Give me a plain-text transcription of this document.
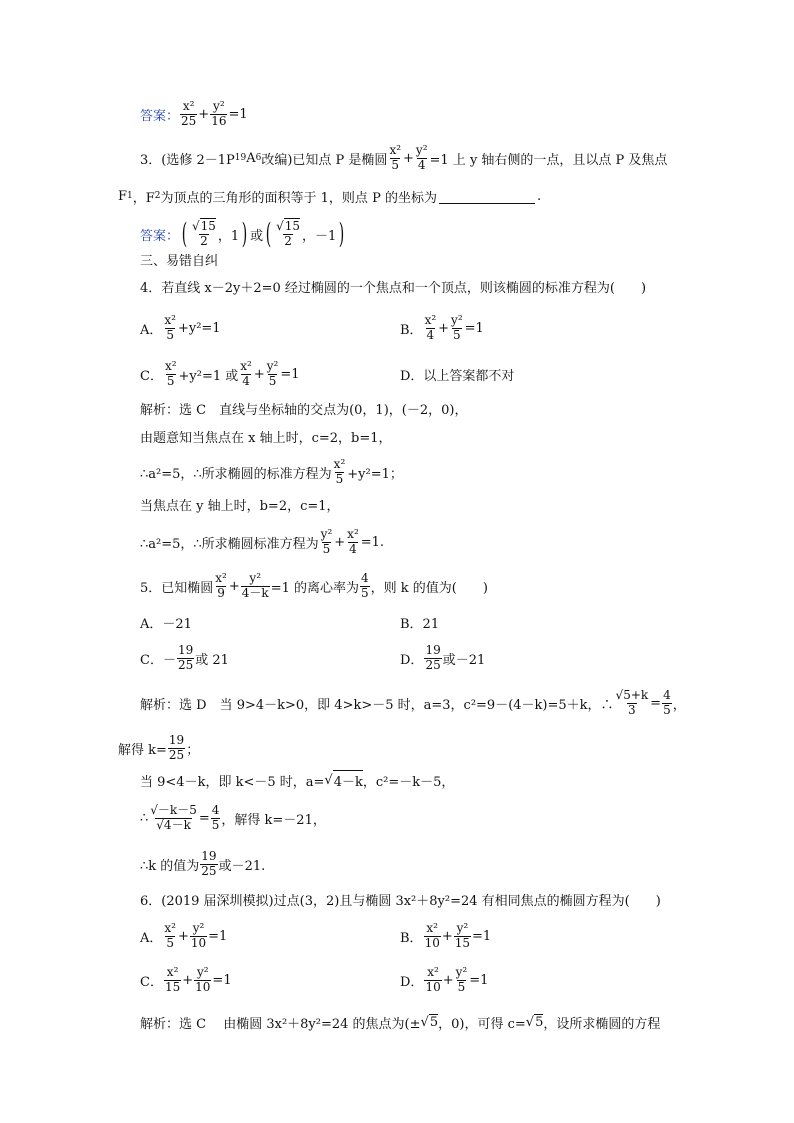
答案： $\frac{\text{x²}}{25} + \frac{\text{y²}}{16} =1$
3．(选修 2－1P 19 A 6 改编)已知点 P 是椭圆 $\frac{\text{x²}}{5} + \frac{\text{y²}}{4} =1$ 上 y 轴右侧的一点，且以点 P 及焦点
F 1 ，F 2 为顶点的三角形的面积等于 1，则点 P 的坐标为	.
答案： ( $\frac{√15}{2}$ ，1 ) 或 ( $\frac{√15}{2}$ ，－1 )
三、易错自纠
4．若直线 x－2y＋2=0 经过椭圆的一个焦点和一个顶点，则该椭圆的标准方程为(　　)
A． $\frac{\text{x²}}{5} +y^2=1$	B． $\frac{\text{x²}}{4} + \frac{\text{y²}}{5} =1$
C． $\frac{\text{x²}}{5} +y^2=1$ 或 $\frac{\text{x²}}{4} + \frac{\text{y²}}{5} =1$	D．以上答案都不对
解析：选 C　直线与坐标轴的交点为(0，1)，(－2，0)，
由题意知当焦点在 x 轴上时，c=2，b=1，
∴a²=5，∴所求椭圆的标准方程为 $\frac{\text{x²}}{5} +y^2=1$；
当焦点在 y 轴上时，b=2，c=1，
∴a²=5，∴所求椭圆标准方程为 $\frac{\text{y²}}{5} + \frac{\text{x²}}{4} =1$.
5．已知椭圆 $\frac{\text{x²}}{9} + \frac{\text{y²}}{4-k} =1$ 的离心率为 $\frac{4}{5}$ ，则 k 的值为(　　)
A．－21	B．21
C．－ $\frac{19}{25}$ 或 21	D． $\frac{19}{25}$ 或－21
解析：选 D　当 9>4－k>0，即 4>k>－5 时，a=3，c²=9－(4－k)=5＋k，∴ $\frac{√5+k}{3} = \frac{4}{5}$ ，
解得 $k= \frac{19}{25}$ ；
当 9<4－k，即 k<－5 时，a= √ 4－k ，c²=－k－5，
∴ $\frac{√-k-5}{√4-k} = \frac{4}{5}$ ，解得 k=－21，
∴k 的值为 $\frac{19}{25}$ 或－21.
6．(2019 届深圳模拟)过点(3，2)且与椭圆 3x²＋8y²=24 有相同焦点的椭圆方程为(　　)
A． $\frac{\text{x²}}{5} + \frac{\text{y²}}{10} =1$	B． $\frac{\text{x²}}{10} + \frac{\text{y²}}{15} =1$
C． $\frac{\text{x²}}{15} + \frac{\text{y²}}{10} =1$	D． $\frac{\text{x²}}{10} + \frac{\text{y²}}{5} =1$
解析：选 C　 由椭圆 3x²＋8y²=24 的焦点为(± √ 5 ，0)，可得 c= √ 5 ，设所求椭圆的方程
